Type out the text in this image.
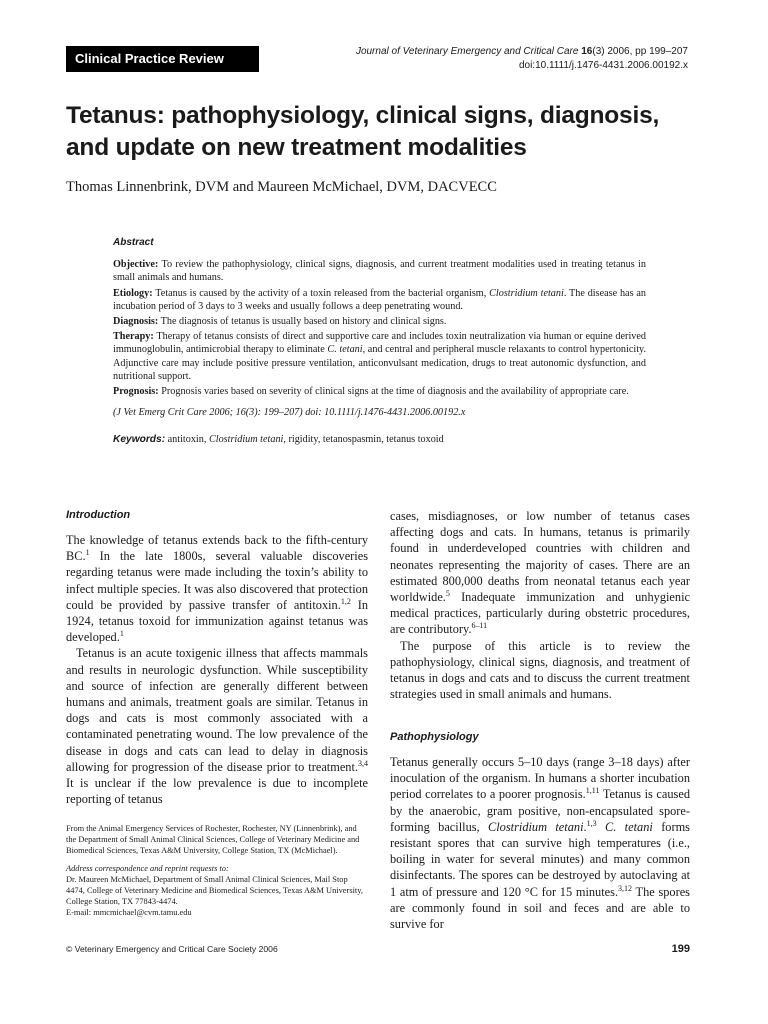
Clinical Practice Review	Journal of Veterinary Emergency and Critical Care 16(3) 2006, pp 199–207
doi:10.1111/j.1476-4431.2006.00192.x
Tetanus: pathophysiology, clinical signs, diagnosis,
and update on new treatment modalities
Thomas Linnenbrink, DVM and Maureen McMichael, DVM, DACVECC
Abstract

Objective: To review the pathophysiology, clinical signs, diagnosis, and current treatment modalities used in treating tetanus in small animals and humans.

Etiology: Tetanus is caused by the activity of a toxin released from the bacterial organism, Clostridium tetani. The disease has an incubation period of 3 days to 3 weeks and usually follows a deep penetrating wound.

Diagnosis: The diagnosis of tetanus is usually based on history and clinical signs.

Therapy: Therapy of tetanus consists of direct and supportive care and includes toxin neutralization via human or equine derived immunoglobulin, antimicrobial therapy to eliminate C. tetani, and central and peripheral muscle relaxants to control hypertonicity. Adjunctive care may include positive pressure ventilation, anticonvulsant medication, drugs to treat autonomic dysfunction, and nutritional support.

Prognosis: Prognosis varies based on severity of clinical signs at the time of diagnosis and the availability of appropriate care.

(J Vet Emerg Crit Care 2006; 16(3): 199–207) doi: 10.1111/j.1476-4431.2006.00192.x

Keywords: antitoxin, Clostridium tetani, rigidity, tetanospasmin, tetanus toxoid

Introduction

The knowledge of tetanus extends back to the fifth-century BC.$^1$ In the late 1800s, several valuable discoveries regarding tetanus were made including the toxin’s ability to infect multiple species. It was also discovered that protection could be provided by passive transfer of antitoxin.$^{1,2}$ In 1924, tetanus toxoid for immunization against tetanus was developed.$^1$

Tetanus is an acute toxigenic illness that affects mammals and results in neurologic dysfunction. While susceptibility and source of infection are generally different between humans and animals, treatment goals are similar. Tetanus in dogs and cats is most commonly associated with a contaminated penetrating wound. The low prevalence of the disease in dogs and cats can lead to delay in diagnosis allowing for progression of the disease prior to treatment.$^{3,4}$ It is unclear if the low prevalence is due to incomplete reporting of tetanus

From the Animal Emergency Services of Rochester, Rochester, NY (Linnenbrink), and the Department of Small Animal Clinical Sciences, College of Veterinary Medicine and Biomedical Sciences, Texas A&M University, College Station, TX (McMichael).

Address correspondence and reprint requests to:

Dr. Maureen McMichael, Department of Small Animal Clinical Sciences, Mail Stop 4474, College of Veterinary Medicine and Biomedical Sciences, Texas A&M University, College Station, TX 77843-4474.

E-mail: mmcmichael@cvm.tamu.edu

cases, misdiagnoses, or low number of tetanus cases affecting dogs and cats. In humans, tetanus is primarily found in underdeveloped countries with children and neonates representing the majority of cases. There are an estimated 800,000 deaths from neonatal tetanus each year worldwide.$^5$ Inadequate immunization and unhygienic medical practices, particularly during obstetric procedures, are contributory.$^{6-11}$

The purpose of this article is to review the pathophysiology, clinical signs, diagnosis, and treatment of tetanus in dogs and cats and to discuss the current treatment strategies used in small animals and humans.

Pathophysiology

Tetanus generally occurs 5–10 days (range 3–18 days) after inoculation of the organism. In humans a shorter incubation period correlates to a poorer prognosis.$^{1,11}$ Tetanus is caused by the anaerobic, gram positive, non-encapsulated spore-forming bacillus, Clostridium tetani.$^{1,3}$ C. tetani forms resistant spores that can survive high temperatures (i.e., boiling in water for several minutes) and many common disinfectants. The spores can be destroyed by autoclaving at 1 atm of pressure and 120 °C for 15 minutes.$^{3,12}$ The spores are commonly found in soil and feces and are able to survive for

© Veterinary Emergency and Critical Care Society 2006	199
